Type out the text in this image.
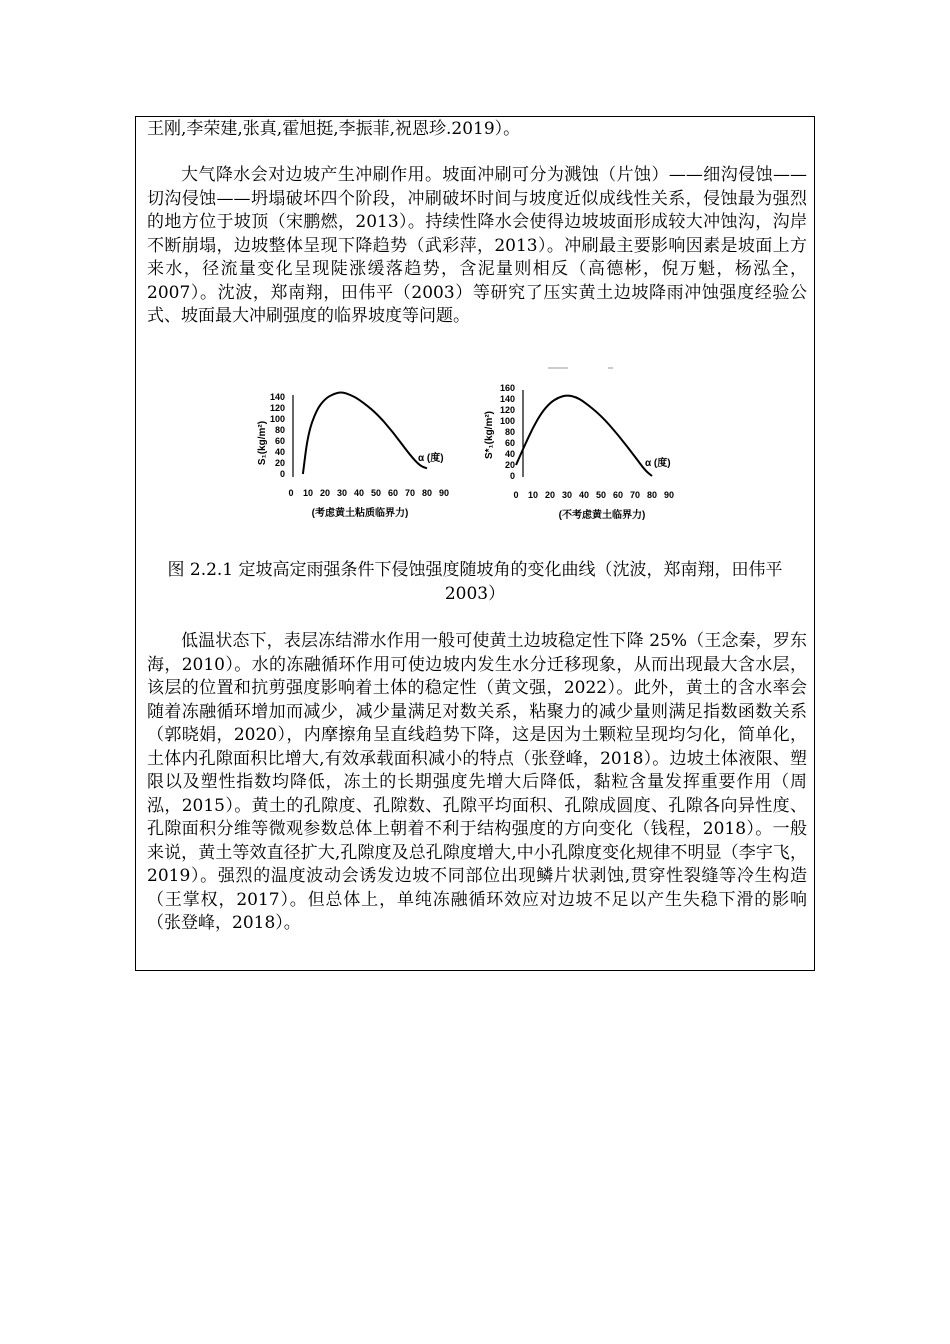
王刚,李荣建,张真,霍旭挺,李振菲,祝恩珍.2019）。

大气降水会对边坡产生冲刷作用。坡面冲刷可分为溅蚀（片蚀）——细沟侵蚀——切沟侵蚀——坍塌破坏四个阶段，冲刷破坏时间与坡度近似成线性关系，侵蚀最为强烈的地方位于坡顶（宋鹏燃，2013）。持续性降水会使得边坡坡面形成较大冲蚀沟，沟岸不断崩塌，边坡整体呈现下降趋势（武彩萍，2013）。冲刷最主要影响因素是坡面上方来水，径流量变化呈现陡涨缓落趋势，含泥量则相反（高德彬，倪万魁，杨泓全，2007）。沈波，郑南翔，田伟平（2003）等研究了压实黄土边坡降雨冲蚀强度经验公式、坡面最大冲刷强度的临界坡度等问题。

S₁(kg/m²)
140
120
100
80
60
40
20
0
0 10 20 30 40 50 60 70 80 90
α (度)
(考虑黄土粘质临界力)
S*₁(kg/m²)
160
140
120
100
80
60
40
20
0
0 10 20 30 40 50 60 70 80 90
α (度)
(不考虑黄土临界力)
图 2.2.1 定坡高定雨强条件下侵蚀强度随坡角的变化曲线（沈波，郑南翔，田伟平 2003）

低温状态下，表层冻结滞水作用一般可使黄土边坡稳定性下降 25%（王念秦，罗东海，2010）。水的冻融循环作用可使边坡内发生水分迁移现象，从而出现最大含水层，该层的位置和抗剪强度影响着土体的稳定性（黄文强，2022）。此外，黄土的含水率会随着冻融循环增加而减少，减少量满足对数关系，粘聚力的减少量则满足指数函数关系（郭晓娟，2020），内摩擦角呈直线趋势下降，这是因为土颗粒呈现均匀化，简单化，土体内孔隙面积比增大,有效承载面积减小的特点（张登峰，2018）。边坡土体液限、塑限以及塑性指数均降低，冻土的长期强度先增大后降低，黏粒含量发挥重要作用（周泓，2015）。黄土的孔隙度、孔隙数、孔隙平均面积、孔隙成圆度、孔隙各向异性度、孔隙面积分维等微观参数总体上朝着不利于结构强度的方向变化（钱程，2018）。一般来说，黄土等效直径扩大,孔隙度及总孔隙度增大,中小孔隙度变化规律不明显（李宇飞，2019）。强烈的温度波动会诱发边坡不同部位出现鳞片状剥蚀,贯穿性裂缝等冷生构造（王掌权，2017）。但总体上，单纯冻融循环效应对边坡不足以产生失稳下滑的影响（张登峰，2018）。
